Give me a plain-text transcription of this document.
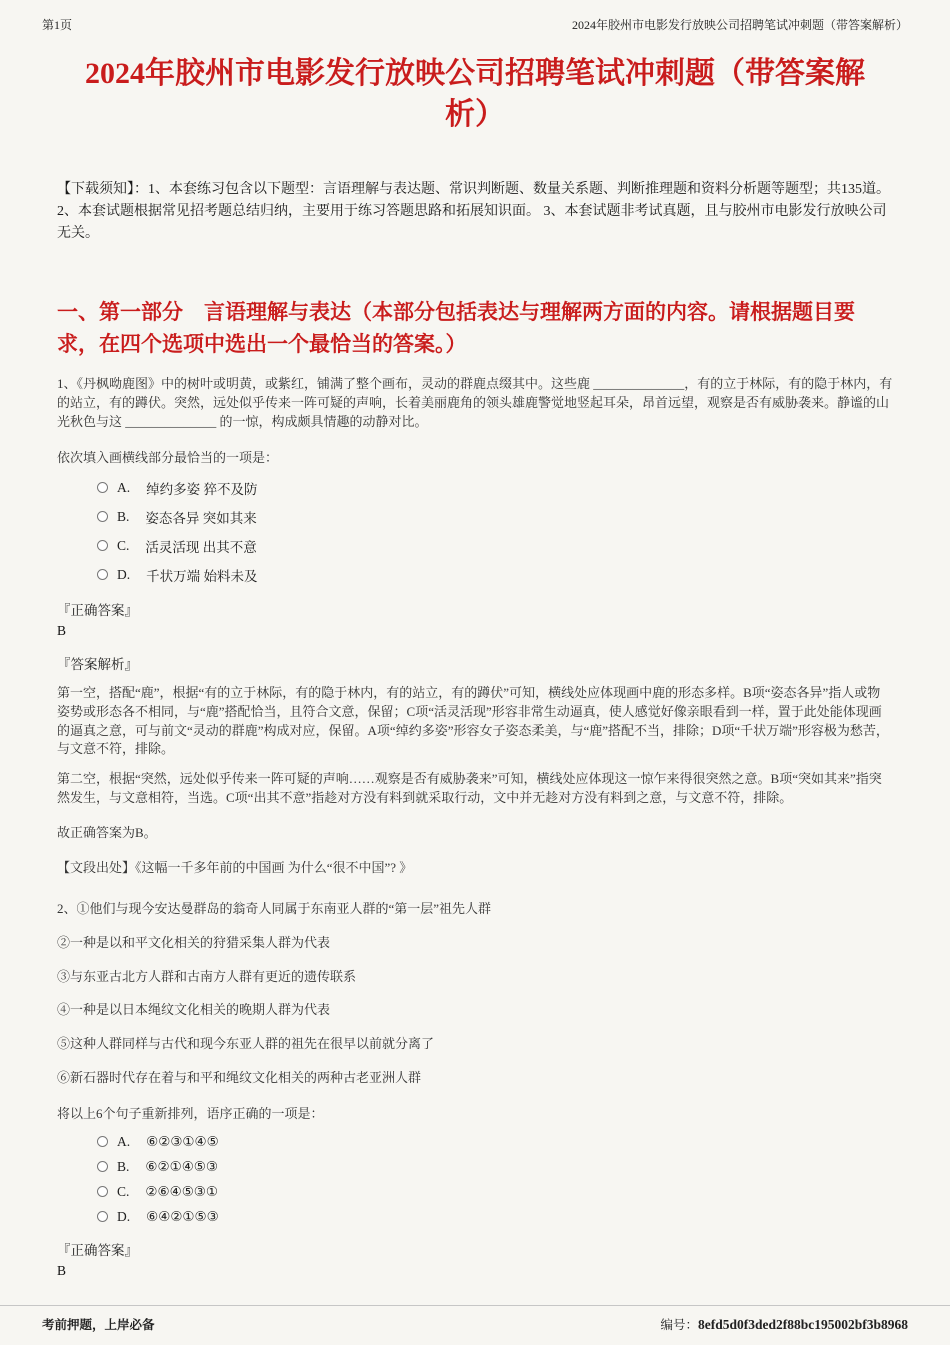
第1页	2024年胶州市电影发行放映公司招聘笔试冲刺题（带答案解析）
2024年胶州市电影发行放映公司招聘笔试冲刺题（带答案解析）

【下载须知】：1、本套练习包含以下题型：言语理解与表达题、常识判断题、数量关系题、判断推理题和资料分析题等题型；共135道。 2、本套试题根据常见招考题总结归纳，主要用于练习答题思路和拓展知识面。 3、本套试题非考试真题，且与胶州市电影发行放映公司无关。

一、第一部分　言语理解与表达（本部分包括表达与理解两方面的内容。请根据题目要求，在四个选项中选出一个最恰当的答案。）

1、《丹枫呦鹿图》中的树叶或明黄，或紫红，铺满了整个画布，灵动的群鹿点缀其中。这些鹿 ______________，有的立于林际，有的隐于林内，有的站立，有的蹲伏。突然，远处似乎传来一阵可疑的声响，长着美丽鹿角的领头雄鹿警觉地竖起耳朵，昂首远望，观察是否有威胁袭来。静谧的山光秋色与这 ______________ 的一惊，构成颇具情趣的动静对比。

依次填入画横线部分最恰当的一项是：

A. 绰约多姿 猝不及防
B. 姿态各异 突如其来
C. 活灵活现 出其不意
D. 千状万端 始料未及

『正确答案』

B

『答案解析』

第一空，搭配“鹿”，根据“有的立于林际，有的隐于林内，有的站立，有的蹲伏”可知，横线处应体现画中鹿的形态多样。B项“姿态各异”指人或物姿势或形态各不相同，与“鹿”搭配恰当，且符合文意，保留；C项“活灵活现”形容非常生动逼真，使人感觉好像亲眼看到一样，置于此处能体现画的逼真之意，可与前文“灵动的群鹿”构成对应，保留。A项“绰约多姿”形容女子姿态柔美，与“鹿”搭配不当，排除；D项“千状万端”形容极为愁苦，与文意不符，排除。

第二空，根据“突然，远处似乎传来一阵可疑的声响……观察是否有威胁袭来”可知，横线处应体现这一惊乍来得很突然之意。B项“突如其来”指突然发生，与文意相符，当选。C项“出其不意”指趁对方没有料到就采取行动，文中并无趁对方没有料到之意，与文意不符，排除。

故正确答案为B。

【文段出处】《这幅一千多年前的中国画 为什么“很不中国”? 》

2、①他们与现今安达曼群岛的翁奇人同属于东南亚人群的“第一层”祖先人群

②一种是以和平文化相关的狩猎采集人群为代表

③与东亚古北方人群和古南方人群有更近的遗传联系

④一种是以日本绳纹文化相关的晚期人群为代表

⑤这种人群同样与古代和现今东亚人群的祖先在很早以前就分离了

⑥新石器时代存在着与和平和绳纹文化相关的两种古老亚洲人群

将以上6个句子重新排列，语序正确的一项是：

A. ⑥②③①④⑤
B. ⑥②①④⑤③
C. ②⑥④⑤③①
D. ⑥④②①⑤③

『正确答案』

B

考前押题，上岸必备	编号：8efd5d0f3ded2f88bc195002bf3b8968
